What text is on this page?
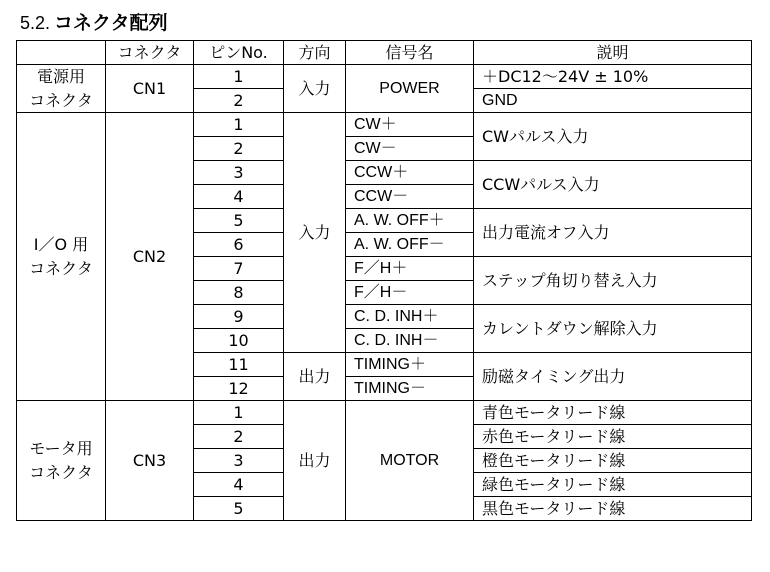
5.2. コネクタ配列
	コネクタ	ピンNo.	方向	信号名	説明
電源用
コネクタ	CN1	1	入力	POWER	＋DC12～24V ± 10%
		2			GND
I／O 用
コネクタ	CN2	1	入力	CW＋	CWパルス入力
		2		CW－	
		3		CCW＋	CCWパルス入力
		4		CCW－	
		5		A. W. OFF＋	出力電流オフ入力
		6		A. W. OFF－	
		7		F／H＋	ステップ角切り替え入力
		8		F／H－	
		9		C. D. INH＋	カレントダウン解除入力
		10		C. D. INH－	
		11	出力	TIMING＋	励磁タイミング出力
		12		TIMING－	
モータ用
コネクタ	CN3	1	出力	MOTOR	青色モータリード線
		2			赤色モータリード線
		3			橙色モータリード線
		4			緑色モータリード線
		5			黒色モータリード線
